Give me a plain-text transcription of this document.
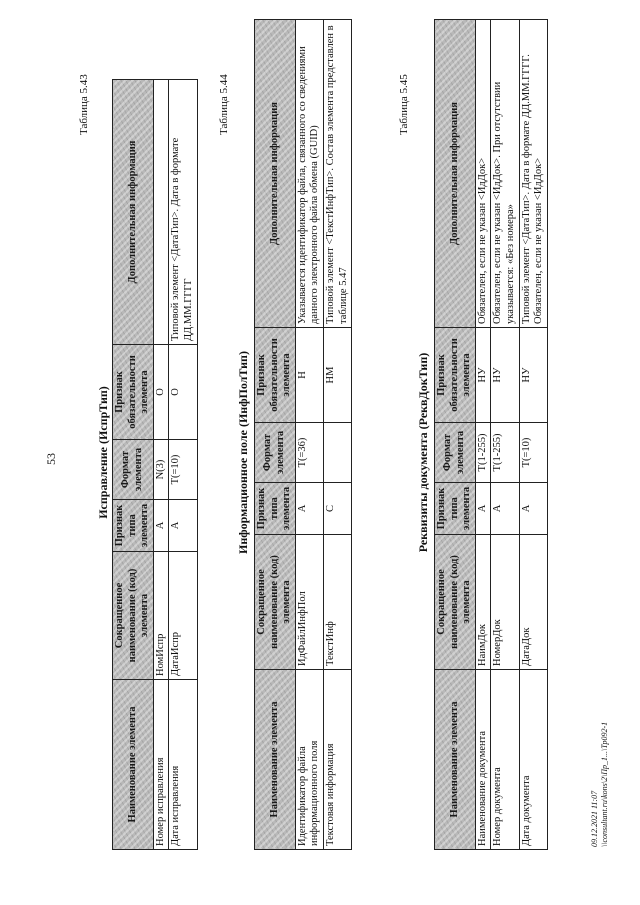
53
Таблица 5.43
Исправление (ИспрТип)
Наименование элемента	Сокращенное наименование (код) элемента	Признак типа элемента	Формат элемента	Признак обязательности элемента	Дополнительная информация
Номер исправления	НомИспр	А	N(3)	О	
Дата исправления	ДатаИспр	А	Т(=10)	О	Типовой элемент <ДатаТип>. Дата в формате ДД.ММ.ГГГГ
Таблица 5.44
Информационное поле (ИнфПолТип)
Наименование элемента	Сокращенное наименование (код) элемента	Признак типа элемента	Формат элемента	Признак обязательности элемента	Дополнительная информация
Идентификатор файла информационного поля	ИдФайлИнфПол	А	Т(=36)	Н	Указывается идентификатор файла, связанного со сведениями данного электронного файла обмена (GUID)
Текстовая информация	ТекстИнф	С		НМ	Типовой элемент <ТекстИнфТип>. Состав элемента представлен в таблице 5.47
Таблица 5.45
Реквизиты документа (РеквДокТип)
Наименование элемента	Сокращенное наименование (код) элемента	Признак типа элемента	Формат элемента	Признак обязательности элемента	Дополнительная информация
Наименование документа	НаимДок	А	Т(1-255)	НУ	Обязателен, если не указан <ИдДок>
Номер документа	НомерДок	А	Т(1-255)	НУ	Обязателен, если не указан <ИдДок>. При отсутствии указывается: «Без номера»
Дата документа	ДатаДок	А	Т(=10)	НУ	Типовой элемент <ДатаТип>. Дата в формате ДД.ММ.ГГГГ. Обязателен, если не указан <ИдДок>
09.12.2021 11:07 \\consultant.ru\kons\2\Пр_1...\Тр092-1
